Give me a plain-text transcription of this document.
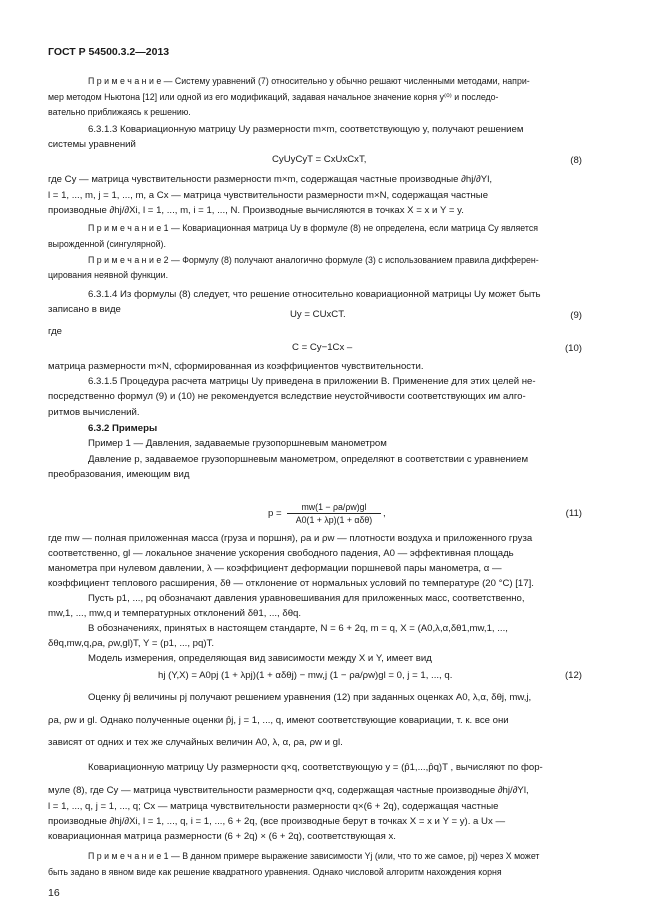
ГОСТ Р 54500.3.2—2013
П р и м е ч а н и е — Систему уравнений (7) относительно y обычно решают численными методами, напри-
мер методом Ньютона [12] или одной из его модификаций, задавая начальное значение корня y⁽⁰⁾ и последо-
вательно приближаясь к решению.
6.3.1.3 Ковариационную матрицу Uy размерности m×m, соответствующую y, получают решением
системы уравнений
CyUyCyT = CxUxCxT,	(8)
где Cy — матрица чувствительности размерности m×m, содержащая частные производные ∂hj/∂Yl,
l = 1, ..., m, j = 1, ..., m, а Cx — матрица чувствительности размерности m×N, содержащая частные
производные ∂hj/∂Xi, l = 1, ..., m, i = 1, ..., N. Производные вычисляются в точках X = x и Y = y.
П р и м е ч а н и е 1 — Ковариационная матрица Uy в формуле (8) не определена, если матрица Cy является
вырожденной (сингулярной).
П р и м е ч а н и е 2 — Формулу (8) получают аналогично формуле (3) с использованием правила дифферен-
цирования неявной функции.
6.3.1.4 Из формулы (8) следует, что решение относительно ковариационной матрицы Uy может быть
записано в виде	Uy = CUxCT.	(9)
где
C = Cy−1Cx –	(10)
матрица размерности m×N, сформированная из коэффициентов чувствительности.
6.3.1.5 Процедура расчета матрицы Uy приведена в приложении В. Применение для этих целей не-
посредственно формул (9) и (10) не рекомендуется вследствие неустойчивости соответствующих им алго-
ритмов вычислений.
6.3.2 Примеры
Пример 1 — Давления, задаваемые грузопоршневым манометром
Давление p, задаваемое грузопоршневым манометром, определяют в соответствии с уравнением
преобразования, имеющим вид
p =
mw(1 − ρa/ρw)gl
A0(1 + λp)(1 + αδθ)
,	(11)
где mw — полная приложенная масса (груза и поршня), ρa и ρw — плотности воздуха и приложенного груза
соответственно, gl — локальное значение ускорения свободного падения, A0 — эффективная площадь
манометра при нулевом давлении, λ — коэффициент деформации поршневой пары манометра, α —
коэффициент теплового расширения, δθ — отклонение от нормальных условий по температуре (20 °С) [17].
Пусть p1, ..., pq обозначают давления уравновешивания для приложенных масс, соответственно,
mw,1, ..., mw,q и температурных отклонений δθ1, ..., δθq.
В обозначениях, принятых в настоящем стандарте, N = 6 + 2q, m = q, X = (A0,λ,α,δθ1,mw,1, ...,
δθq,mw,q,ρa, ρw,gl)T, Y = (p1, ..., pq)T.
Модель измерения, определяющая вид зависимости между X и Y, имеет вид
hj (Y,X) = A0pj (1 + λpj)(1 + αδθj) − mw,j (1 − ρa/ρw)gl = 0, j = 1, ..., q.	(12)
Оценку p̂j величины pj получают решением уравнения (12) при заданных оценках A0, λ,α, δθj, mw,j,
ρa, ρw и gl. Однако полученные оценки p̂j, j = 1, ..., q, имеют соответствующие ковариации, т. к. все они
зависят от одних и тех же случайных величин A0, λ, α, ρa, ρw и gl.
Ковариационную матрицу Uy размерности q×q, соответствующую y = (p̂1,...,p̂q)T , вычисляют по фор-
муле (8), где Cy — матрица чувствительности размерности q×q, содержащая частные производные ∂hj/∂Yl,
l = 1, ..., q, j = 1, ..., q; Cx — матрица чувствительности размерности q×(6 + 2q), содержащая частные
производные ∂hj/∂Xi, l = 1, ..., q, i = 1, ..., 6 + 2q, (все производные берут в точках X = x и Y = y). а Ux —
ковариационная матрица размерности (6 + 2q) × (6 + 2q), соответствующая x.
П р и м е ч а н и е 1 — В данном примере выражение зависимости Yj (или, что то же самое, pj) через X может
быть задано в явном виде как решение квадратного уравнения. Однако числовой алгоритм нахождения корня
16
